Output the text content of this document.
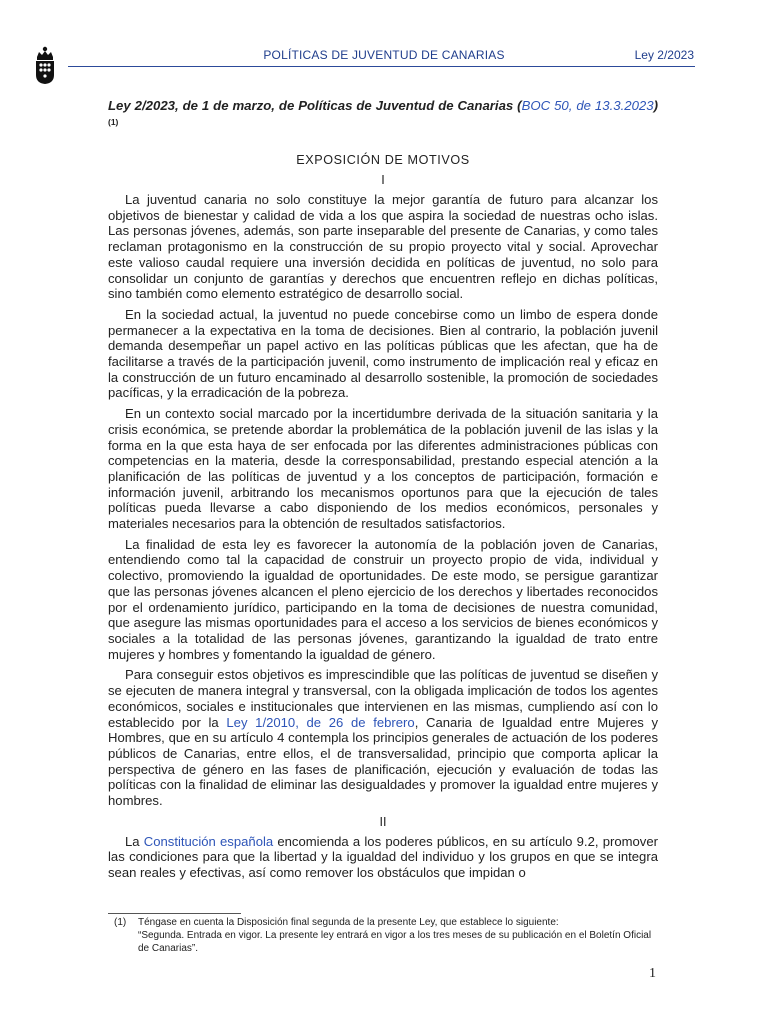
POLÍTICAS DE JUVENTUD DE CANARIAS	Ley 2/2023

Ley 2/2023, de 1 de marzo, de Políticas de Juventud de Canarias (BOC 50, de 13.3.2023)$^{(1)}$

EXPOSICIÓN DE MOTIVOS
I

La juventud canaria no solo constituye la mejor garantía de futuro para alcanzar los objetivos de bienestar y calidad de vida a los que aspira la sociedad de nuestras ocho islas. Las personas jóvenes, además, son parte inseparable del presente de Canarias, y como tales reclaman protagonismo en la construcción de su propio proyecto vital y social. Aprovechar este valioso caudal requiere una inversión decidida en políticas de juventud, no solo para consolidar un conjunto de garantías y derechos que encuentren reflejo en dichas políticas, sino también como elemento estratégico de desarrollo social.

En la sociedad actual, la juventud no puede concebirse como un limbo de espera donde permanecer a la expectativa en la toma de decisiones. Bien al contrario, la población juvenil demanda desempeñar un papel activo en las políticas públicas que les afectan, que ha de facilitarse a través de la participación juvenil, como instrumento de implicación real y eficaz en la construcción de un futuro encaminado al desarrollo sostenible, la promoción de sociedades pacíficas, y la erradicación de la pobreza.

En un contexto social marcado por la incertidumbre derivada de la situación sanitaria y la crisis económica, se pretende abordar la problemática de la población juvenil de las islas y la forma en la que esta haya de ser enfocada por las diferentes administraciones públicas con competencias en la materia, desde la corresponsabilidad, prestando especial atención a la planificación de las políticas de juventud y a los conceptos de participación, formación e información juvenil, arbitrando los mecanismos oportunos para que la ejecución de tales políticas pueda llevarse a cabo disponiendo de los medios económicos, personales y materiales necesarios para la obtención de resultados satisfactorios.

La finalidad de esta ley es favorecer la autonomía de la población joven de Canarias, entendiendo como tal la capacidad de construir un proyecto propio de vida, individual y colectivo, promoviendo la igualdad de oportunidades. De este modo, se persigue garantizar que las personas jóvenes alcancen el pleno ejercicio de los derechos y libertades reconocidos por el ordenamiento jurídico, participando en la toma de decisiones de nuestra comunidad, que asegure las mismas oportunidades para el acceso a los servicios de bienes económicos y sociales a la totalidad de las personas jóvenes, garantizando la igualdad de trato entre mujeres y hombres y fomentando la igualdad de género.

Para conseguir estos objetivos es imprescindible que las políticas de juventud se diseñen y se ejecuten de manera integral y transversal, con la obligada implicación de todos los agentes económicos, sociales e institucionales que intervienen en las mismas, cumpliendo así con lo establecido por la Ley 1/2010, de 26 de febrero, Canaria de Igualdad entre Mujeres y Hombres, que en su artículo 4 contempla los principios generales de actuación de los poderes públicos de Canarias, entre ellos, el de transversalidad, principio que comporta aplicar la perspectiva de género en las fases de planificación, ejecución y evaluación de todas las políticas con la finalidad de eliminar las desigualdades y promover la igualdad entre mujeres y hombres.

II

La Constitución española encomienda a los poderes públicos, en su artículo 9.2, promover las condiciones para que la libertad y la igualdad del individuo y los grupos en que se integra sean reales y efectivas, así como remover los obstáculos que impidan o

(1) Téngase en cuenta la Disposición final segunda de la presente Ley, que establece lo siguiente:
“Segunda. Entrada en vigor. La presente ley entrará en vigor a los tres meses de su publicación en el Boletín Oficial de Canarias”.
1
